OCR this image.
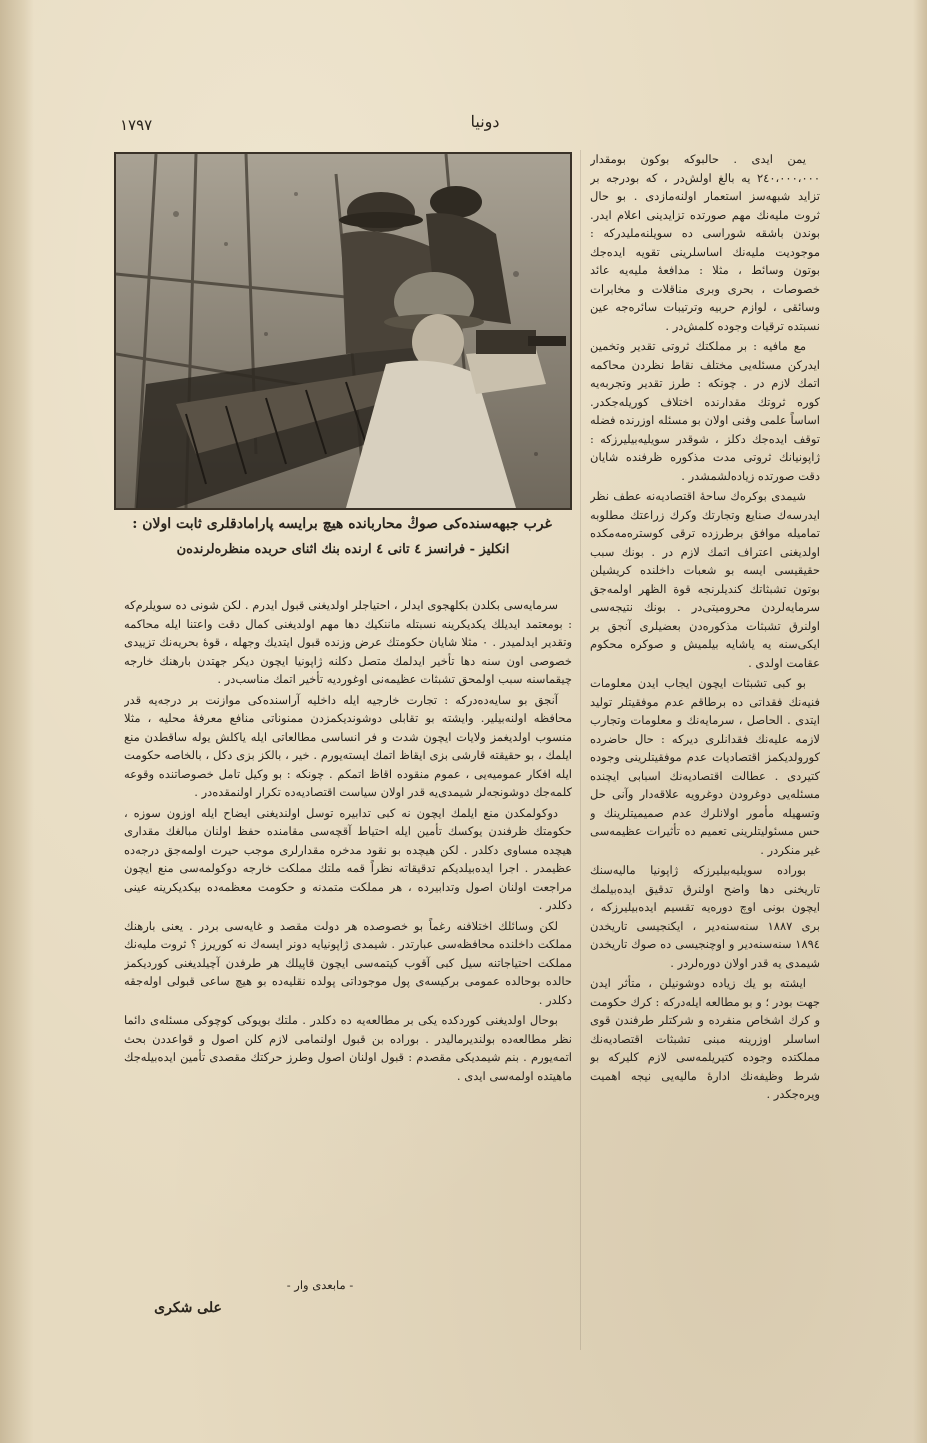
١٧٩٧	دونیا
غرب جبهه‌سنده‌کی صوڭ محاربانده هیچ برایسه پارامادقلری ثابت اولان :
انکلیز - فرانسز ٤ تانی ٤ ارنده بنك اثنای حربده منظره‌لرنده‌ن

یمن ایدی . حالبوکه بوکون بومقدار ٢٤٠،٠٠٠،٠٠٠ یه بالغ اولش‌در ، که بودرجه بر تزاید شبهه‌سز استعمار اولنه‌مازدی . بو حال ثروت ملیه‌نك مهم صورتده تزایدینی اعلام ایدر. بوندن باشقه شوراسی ده سویلنه‌ملیدرکه : موجودیت ملیه‌نك اساسلرینی تقویه ایده‌جك بوتون وسائط ، مثلا : مدافعهٔ ملیه‌یه عائد خصوصات ، بحری وبری مناقلات و مخابرات وسائقی ، لوازم حربیه وترتیبات سائره‌جه عین نسبتده ترقیات وجوده كلمش‌در .

مع مافیه : بر مملکتك ثروتی تقدیر وتخمین ایدرکن مسئله‌یی مختلف نقاط نظردن محاکمه اتمك لازم در . چونکه : طرز تقدیر وتجربه‌یه کوره ثروتك مقدارنده اختلاف کوریله‌جکدر. اساساً علمی وفنی اولان بو مسئله اوزرنده فضله توقف ایده‌جك دکلز ، شوقدر سویلیه‌بیلیرزکه : ژاپونیانك ثروتی مدت مذکوره ظرفنده شایان دقت صورتده زیاده‌لشمشدر .

شیمدی بوکره‌ك ساحهٔ اقتصادیه‌نه عطف نظر ایدرسه‌ك صنایع وتجارتك وکرك زراعتك مطلوبه تمامیله موافق برطرزده ترقی کوستره‌مه‌مکده اولدیغنی اعتراف اتمك لازم در . بونك سبب حقیقیسی ایسه بو شعبات داخلنده کریشیلن بوتون تشبثاتك کندیلرنجه قوة الظهر اولمه‌جق سرمایه‌لردن محرومیتی‌در . بونك نتیجه‌سی اولنرق تشبثات مذکوره‌دن بعضیلری آنجق بر ایکی‌سنه یه یاشایه بیلمیش و صوکره محکوم عقامت اولدی .

بو کبی تشبثات ایچون ایجاب ایدن معلومات فنیه‌نك فقداتی ده برطاقم عدم موفقیتلر تولید ایتدی . الحاصل ، سرمایه‌نك و معلومات وتجارب لازمه علیه‌نك فقدانلری دیرکه : حال حاضرده کورولدیکمز اقتصادیات عدم موفقیتلرینی وجوده کتیردی . عطالت اقتصادیه‌نك اسبابی ایچنده مسئله‌یی دوغرودن دوغرویه علاقه‌دار وآنی حل وتسهیله مأمور اولانلرك عدم صمیمیتلرینك و حس مسئولیتلرینی تعمیم ده تأثیرات عظیمه‌سی غیر منکردر .

بوراده سویلیه‌بیلیرزکه ژاپونیا مالیه‌سنك تاریخنی دها واضح اولنرق تدقیق ایده‌بیلمك ایچون بونی اوچ دوره‌یه تقسیم ایده‌بیلیرزکه ، بری ١٨٨٧ سنه‌سنه‌دیر ، ایکنجیسی تاریخدن ١٨٩٤ سنه‌سنه‌دیر و اوچنجیسی ده صوك تاریخدن شیمدی یه قدر اولان دوره‌لردر .

ایشته بو یك زیاده دوشونیلن ، متأثر اید‌ن جهت بودر ؛ و بو مطالعه ایله‌درکه : کرك حکومت و کرك اشخاص منفرده و شرکتلر طرفندن قوی اساسلر اوزرینه مبنی تشبثات اقتصادیه‌نك مملکتده وجوده کتیریلمه‌سی لازم کلیرکه بو شرط وظیفه‌نك ادارهٔ مالیه‌یی نیجه اهمیت ویره‌جکدر .

سرمایه‌سی بکلدن بکلهجوی ایدلر ، احتیاجلر اولدیغنی قبول ایدرم . لکن شونی ده سویلرم‌که : بومعتمد ایدیلك یکدیکرینه نسبتله ماننکیك دها مهم اولدیغنی کمال دقت واعتنا ایله محاکمه وتقدیر ایدلمیدر . ٠ مثلا شایان حکومتك عرض وزنده قبول ایتدیك وجهله ، قوهٔ بحریه‌نك تزییدی خصوصی اون سنه دها تأخیر ایدلمك متصل دکلنه ژاپونیا ایچون دیکر جهتدن بارهنك خارجه چیقماسنه سبب اولمحق تشبثات عظیمه‌نی اوغوردیه تأخیر اتمك مناسب‌در .

آنجق بو سایه‌ده‌درکه : تجارت خارجیه ایله داخلیه آراسنده‌کی موازنت بر درجه‌یه قدر محافظه اولنه‌بیلیر. وایشته بو تقابلی دوشوندیکمزدن ممنوناتی منافع معرفهٔ محلیه ، مثلا منسوب اولدیغمز ولایات ایچون شدت و فر انساسی مطالعاتی ایله یاکلش یوله ساقطدن منع ایلمك ، بو حقیقته قارشی بزی ایقاظ اتمك ایسته‌یورم . خیر ، بالکز بزی دکل ، بالخاصه حکومت ایله افکار عمومیه‌یی ، عموم منقوده اقاظ اتمکم . چونکه : بو وکیل تامل خصوصاتنده وقوعه کلمه‌جك دوشونجه‌لر شیمدی‌یه قدر اولان سیاست اقتصادیه‌ده تکرار اولنمقده‌در .

دوکولمکدن منع ایلمك ایچون نه کبی تدابیره توسل اولندیغنی ایضاح ایله اوزون سوزه ، حکومتك ظرفندن یوکسك تأمین ایله احتیاط آقچه‌سی مقامنده حفظ اولنان مبالغك مقداری هیچده مساوی دکلدر . لکن هیچده بو نقود مدخره مقدارلری موجب حیرت اولمه‌جق درجه‌ده عظیمدر . اجرا ایده‌بیلدیکم تدقیقاته نظراً قمه ملتك مملکت خارجه دوکولمه‌سی منع ایچون مراجعت اولنان اصول وتدابیرده ، هر مملکت متمدنه و حکومت معظمه‌ده بیکدیکرینه عینی دکلدر .

لکن وسائلك اختلافنه رغماً بو خصوصده هر دولت مقصد و غایه‌سی بردر . یعنی بارهنك مملکت داخلنده محافظه‌سی عبارتدر . شیمدی ژاپونیایه دونر ایسه‌ك نه کوریرز ؟ ثروت ملیه‌نك مملکت احتیاجاتنه سیل کبی آقوب کیتمه‌سی ایچون قاپیلك هر طرفدن آچیلدیغنی کوردیکمز حالده بوحالده عمومی برکیسه‌ی پول موجوداتی پولده نقلیه‌ده بو هیچ ساعی قبولی اوله‌جقه دکلدر .

بوحال اولدیغنی کوردکده یکی بر مطالعه‌یه ده دکلدر . ملتك بویوکی کوچوکی مسئله‌ی دائما نظر مطالعه‌ده بولندیرمالیدر . بوراده بن قبول اولنمامی لازم کلن اصول و قواعددن بحث اتمه‌یورم . بنم شیمدیکی مقصدم : قبول اولنان اصول وطرز حرکتك مقصدی تأمین ایده‌بیله‌جك ماهیتده اولمه‌سی ایدی .

- مابعدی وار -
علی شکری
